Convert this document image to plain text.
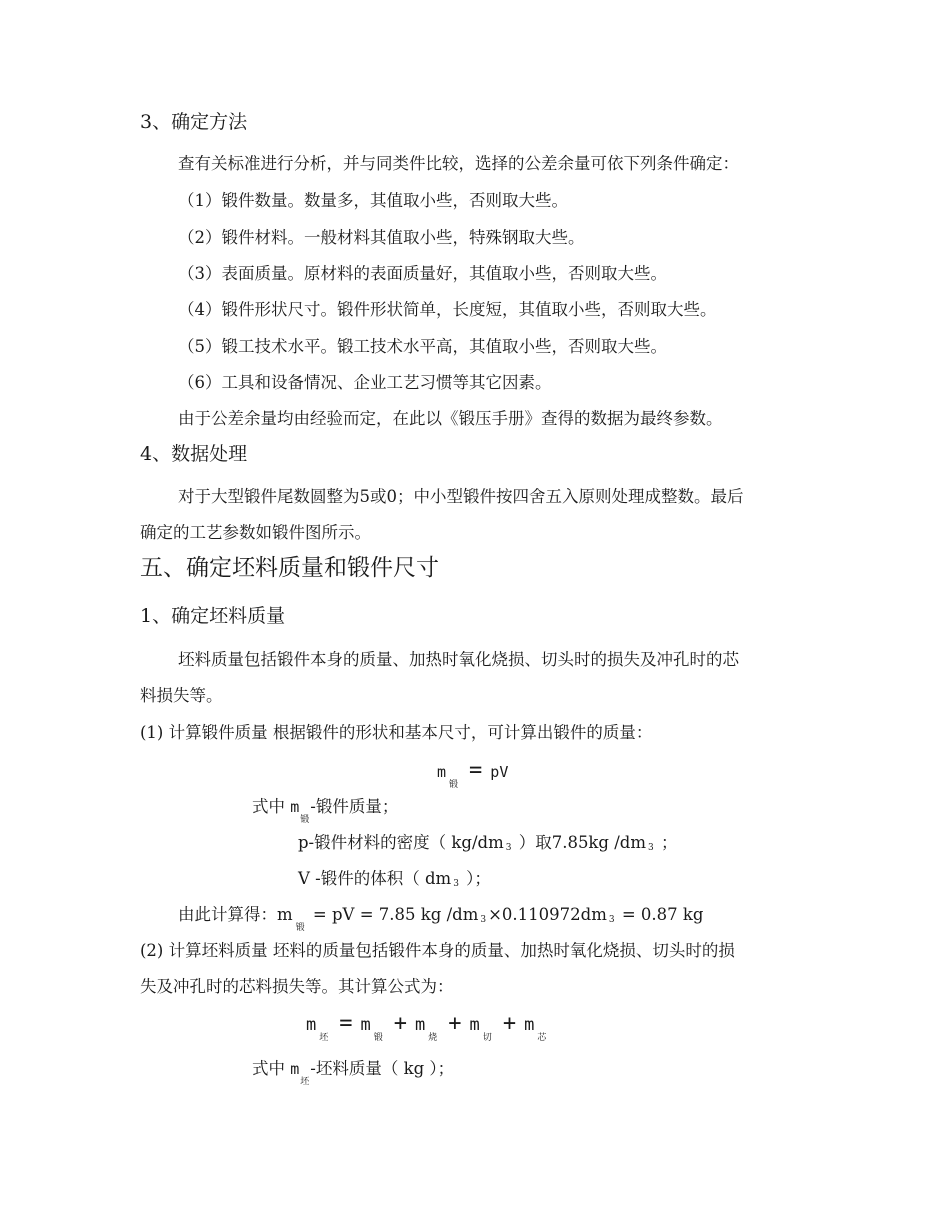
3、确定方法
查有关标准进行分析，并与同类件比较，选择的公差余量可依下列条件确定：
（1）锻件数量。数量多，其值取小些，否则取大些。
（2）锻件材料。一般材料其值取小些，特殊钢取大些。
（3）表面质量。原材料的表面质量好，其值取小些，否则取大些。
（4）锻件形状尺寸。锻件形状简单，长度短，其值取小些，否则取大些。
（5）锻工技术水平。锻工技术水平高，其值取小些，否则取大些。
（6）工具和设备情况、企业工艺习惯等其它因素。
由于公差余量均由经验而定，在此以《锻压手册》查得的数据为最终参数。
4、数据处理
对于大型锻件尾数圆整为5或0；中小型锻件按四舍五入原则处理成整数。最后
确定的工艺参数如锻件图所示。
五、确定坯料质量和锻件尺寸
1、确定坯料质量
坯料质量包括锻件本身的质量、加热时氧化烧损、切头时的损失及冲孔时的芯
料损失等。
(1) 计算锻件质量 根据锻件的形状和基本尺寸，可计算出锻件的质量：
$m_锻=$ pV
式中 $m_锻-$锻件质量；
p-锻件材料的密度（ kg/dm 3 ）取7.85kg /dm 3 ；
V -锻件的体积（ dm 3 ）；
由此计算得：$m_锻$ = pV = 7.85 kg /dm 3 ×0.110972dm 3 = 0.87 kg
(2) 计算坯料质量 坯料的质量包括锻件本身的质量、加热时氧化烧损、切头时的损
失及冲孔时的芯料损失等。其计算公式为：
$m_坯= m_锻+ m_烧+ m_切+ m_芯$
式中 $m_坯-$坯料质量（ kg ）；
